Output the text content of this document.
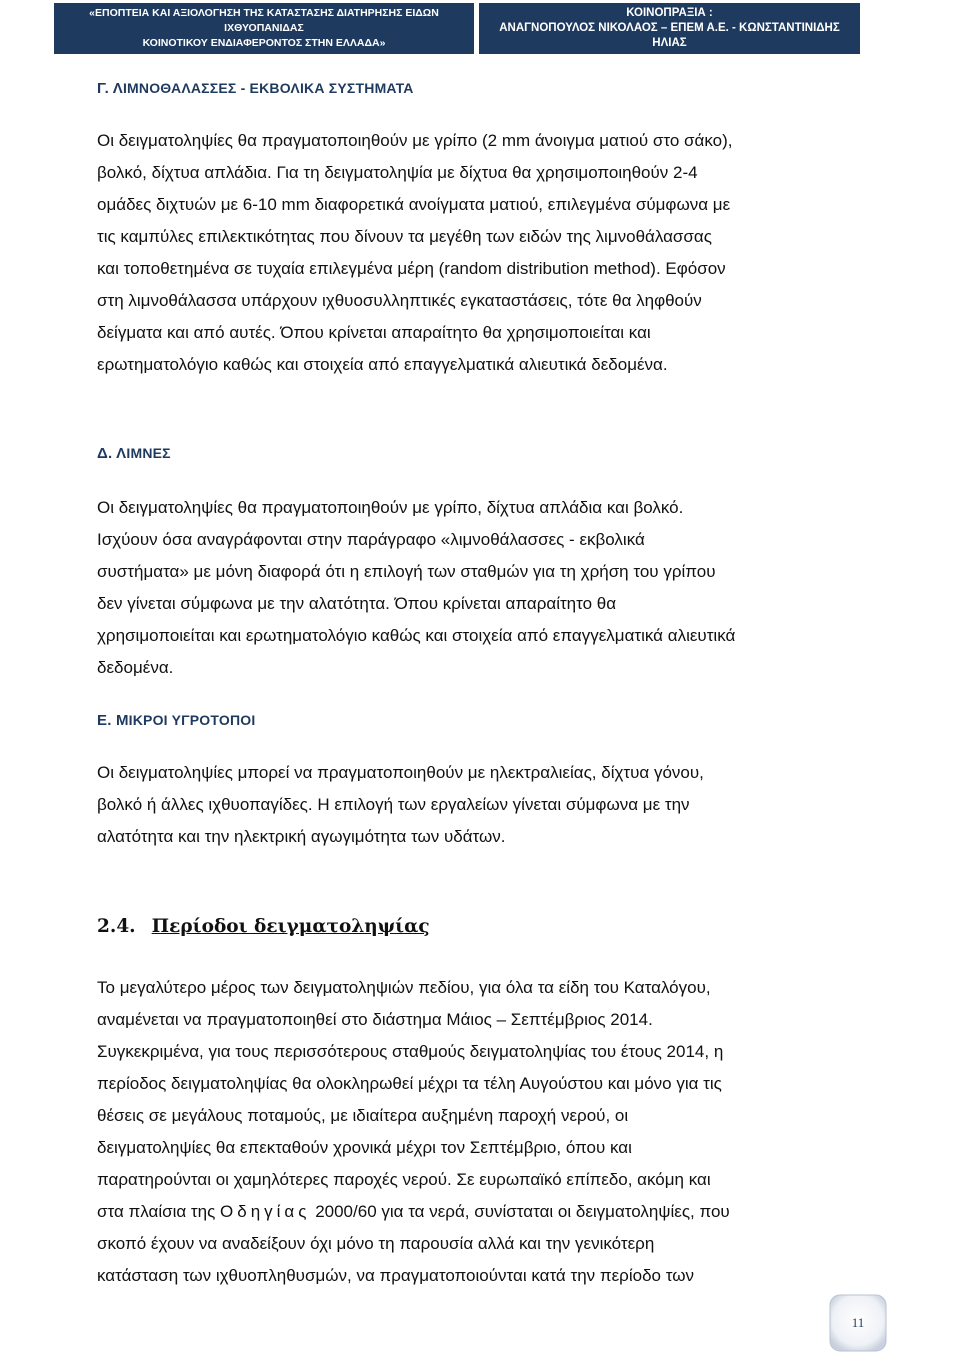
«ΕΠΟΠΤΕΙΑ ΚΑΙ ΑΞΙΟΛΟΓΗΣΗ ΤΗΣ ΚΑΤΑΣΤΑΣΗΣ ΔΙΑΤΗΡΗΣΗΣ ΕΙΔΩΝ ΙΧΘΥΟΠΑΝΙΔΑΣ
ΚΟΙΝΟΤΙΚΟΥ ΕΝΔΙΑΦΕΡΟΝΤΟΣ ΣΤΗΝ ΕΛΛΑΔΑ»
ΚΟΙΝΟΠΡΑΞΙΑ :
ΑΝΑΓΝΟΠΟΥΛΟΣ ΝΙΚΟΛΑΟΣ – ΕΠΕΜ Α.Ε. - ΚΩΝΣΤΑΝΤΙΝΙΔΗΣ
ΗΛΙΑΣ
Γ. ΛΙΜΝΟΘΑΛΑΣΣΕΣ - ΕΚΒΟΛΙΚΑ ΣΥΣΤΗΜΑΤΑ
Οι δειγματοληψίες θα πραγματοποιηθούν με γρίπο (2 mm άνοιγμα ματιού στο σάκο),
βολκό, δίχτυα απλάδια. Για τη δειγματοληψία με δίχτυα θα χρησιμοποιηθούν 2-4
ομάδες διχτυών με 6-10 mm διαφορετικά ανοίγματα ματιού, επιλεγμένα σύμφωνα με
τις καμπύλες επιλεκτικότητας που δίνουν τα μεγέθη των ειδών της λιμνοθάλασσας
και τοποθετημένα σε τυχαία επιλεγμένα μέρη (random distribution method). Εφόσον
στη λιμνοθάλασσα υπάρχουν ιχθυοσυλληπτικές εγκαταστάσεις, τότε θα ληφθούν
δείγματα και από αυτές. Όπου κρίνεται απαραίτητο θα χρησιμοποιείται και
ερωτηματολόγιο καθώς και στοιχεία από επαγγελματικά αλιευτικά δεδομένα.
Δ. ΛΙΜΝΕΣ
Οι δειγματοληψίες θα πραγματοποιηθούν με γρίπο, δίχτυα απλάδια και βολκό.
Ισχύουν όσα αναγράφονται στην παράγραφο «λιμνοθάλασσες - εκβολικά
συστήματα» με μόνη διαφορά ότι η επιλογή των σταθμών για τη χρήση του γρίπου
δεν γίνεται σύμφωνα με την αλατότητα. Όπου κρίνεται απαραίτητο θα
χρησιμοποιείται και ερωτηματολόγιο καθώς και στοιχεία από επαγγελματικά αλιευτικά
δεδομένα.
Ε. ΜΙΚΡΟΙ ΥΓΡΟΤΟΠΟΙ
Οι δειγματοληψίες μπορεί να πραγματοποιηθούν με ηλεκτραλιείας, δίχτυα γόνου,
βολκό ή άλλες ιχθυοπαγίδες. Η επιλογή των εργαλείων γίνεται σύμφωνα με την
αλατότητα και την ηλεκτρική αγωγιμότητα των υδάτων.
2.4. Περίοδοι δειγματοληψίας
Το μεγαλύτερο μέρος των δειγματοληψιών πεδίου, για όλα τα είδη του Καταλόγου,
αναμένεται να πραγματοποιηθεί στο διάστημα Μάιος – Σεπτέμβριος 2014.
Συγκεκριμένα, για τους περισσότερους σταθμούς δειγματοληψίας του έτους 2014, η
περίοδος δειγματοληψίας θα ολοκληρωθεί μέχρι τα τέλη Αυγούστου και μόνο για τις
θέσεις σε μεγάλους ποταμούς, με ιδιαίτερα αυξημένη παροχή νερού, οι
δειγματοληψίες θα επεκταθούν χρονικά μέχρι τον Σεπτέμβριο, όπου και
παρατηρούνται οι χαμηλότερες παροχές νερού. Σε ευρωπαϊκό επίπεδο, ακόμη και
στα πλαίσια της Οδηγίας 2000/60 για τα νερά, συνίσταται οι δειγματοληψίες, που
σκοπό έχουν να αναδείξουν όχι μόνο τη παρουσία αλλά και την γενικότερη
κατάσταση των ιχθυοπληθυσμών, να πραγματοποιούνται κατά την περίοδο των
11
